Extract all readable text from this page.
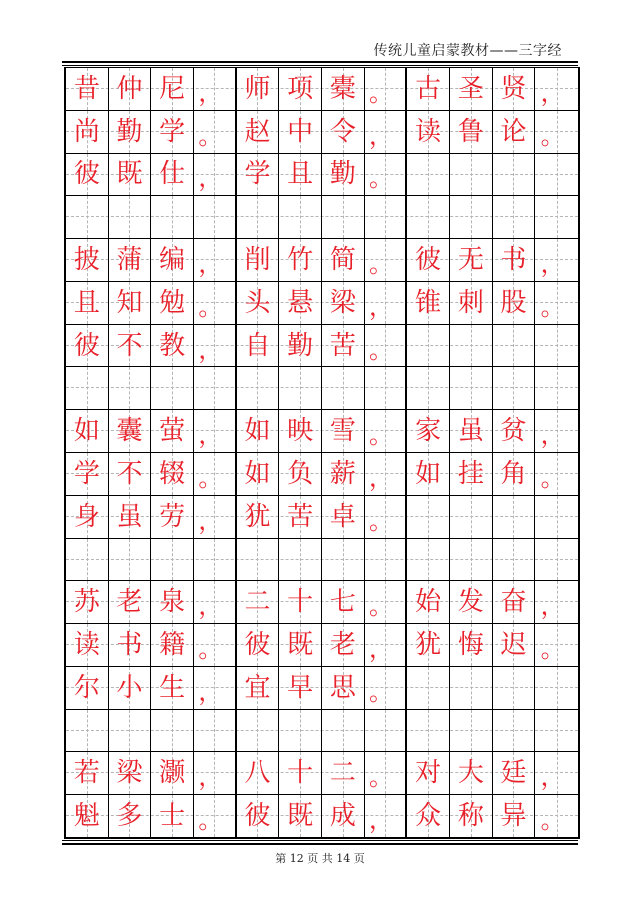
传统儿童启蒙教材——三字经
昔 仲 尼 ， 师 项 橐 。 古 圣 贤 ，
尚 勤 学 。 赵 中 令 ， 读 鲁 论 。
彼 既 仕 ， 学 且 勤 。
披 蒲 编 ， 削 竹 简 。 彼 无 书 ，
且 知 勉 。 头 悬 梁 ， 锥 刺 股 。
彼 不 教 ， 自 勤 苦 。
如 囊 萤 ， 如 映 雪 。 家 虽 贫 ，
学 不 辍 。 如 负 薪 ， 如 挂 角 。
身 虽 劳 ， 犹 苦 卓 。
苏 老 泉 ， 二 十 七 。 始 发 奋 ，
读 书 籍 。 彼 既 老 ， 犹 悔 迟 。
尔 小 生 ， 宜 早 思 。
若 梁 灏 ， 八 十 二 。 对 大 廷 ，
魁 多 士 。 彼 既 成 ， 众 称 异 。
第 12 页 共 14 页
